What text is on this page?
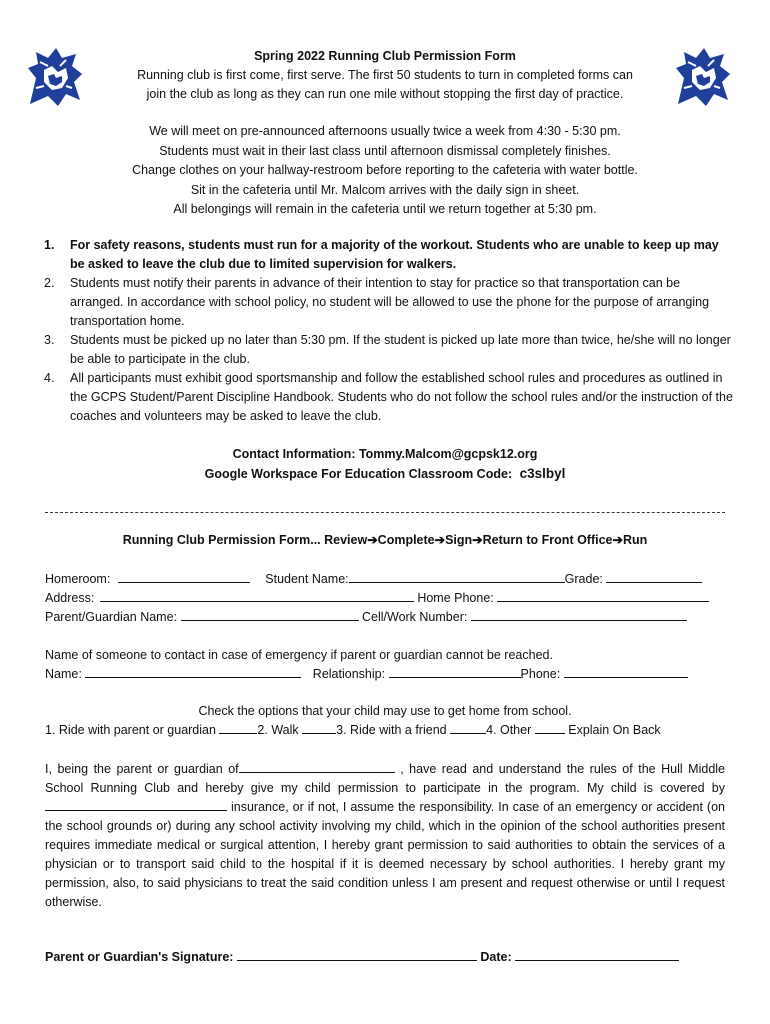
Spring 2022 Running Club Permission Form
Running club is first come, first serve. The first 50 students to turn in completed forms can
join the club as long as they can run one mile without stopping the first day of practice.
We will meet on pre-announced afternoons usually twice a week from 4:30 - 5:30 pm.
Students must wait in their last class until afternoon dismissal completely finishes.
Change clothes on your hallway-restroom before reporting to the cafeteria with water bottle.
Sit in the cafeteria until Mr. Malcom arrives with the daily sign in sheet.
All belongings will remain in the cafeteria until we return together at 5:30 pm.
1.	For safety reasons, students must run for a majority of the workout. Students who are unable to keep up may be asked to leave the club due to limited supervision for walkers.
2.	Students must notify their parents in advance of their intention to stay for practice so that transportation can be arranged. In accordance with school policy, no student will be allowed to use the phone for the purpose of arranging transportation home.
3.	Students must be picked up no later than 5:30 pm. If the student is picked up late more than twice, he/she will no longer be able to participate in the club.
4.	All participants must exhibit good sportsmanship and follow the established school rules and procedures as outlined in the GCPS Student/Parent Discipline Handbook. Students who do not follow the school rules and/or the instruction of the coaches and volunteers may be asked to leave the club.
Contact Information: Tommy.Malcom@gcpsk12.org
Google Workspace For Education Classroom Code: c3slbyl
Running Club Permission Form... Review➔Complete➔Sign➔Return to Front Office➔Run
Homeroom:	Student Name:	Grade:
Address:	Home Phone:
Parent/Guardian Name:	Cell/Work Number:
Name of someone to contact in case of emergency if parent or guardian cannot be reached.
Name:	Relationship:	Phone:
Check the options that your child may use to get home from school.
1. Ride with parent or guardian	2. Walk	3. Ride with a friend	4. Other	Explain On Back
I, being the parent or guardian of	, have read and understand the rules of the Hull Middle School Running Club and hereby give my child permission to participate in the program. My child is covered by  insurance, or if not, I assume the responsibility. In case of an emergency or accident (on the school grounds or) during any school activity involving my child, which in the opinion of the school authorities present requires immediate medical or surgical attention, I hereby grant permission to said authorities to obtain the services of a physician or to transport said child to the hospital if it is deemed necessary by school authorities. I hereby grant my permission, also, to said physicians to treat the said condition unless I am present and request otherwise or until I request otherwise.
Parent or Guardian's Signature:	Date:
